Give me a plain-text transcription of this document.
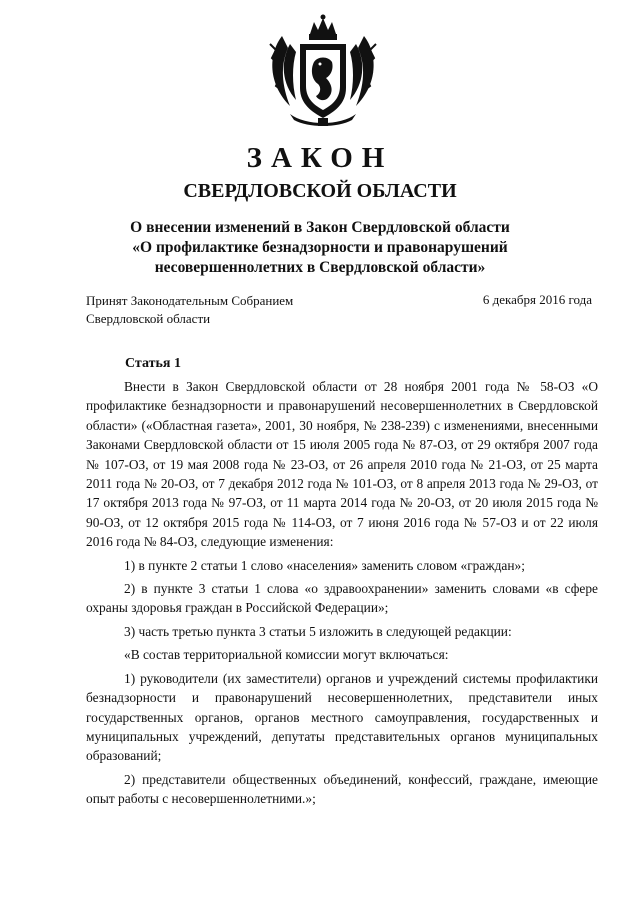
ЗАКОН
СВЕРДЛОВСКОЙ ОБЛАСТИ
О внесении изменений в Закон Свердловской области
«О профилактике безнадзорности и правонарушений
несовершеннолетних в Свердловской области»
Принят Законодательным Собранием
Свердловской области
6 декабря 2016 года
Статья 1

Внести в Закон Свердловской области от 28 ноября 2001 года № 58-ОЗ «О профилактике безнадзорности и правонарушений несовершеннолетних в Свердловской области» («Областная газета», 2001, 30 ноября, № 238-239) с изменениями, внесенными Законами Свердловской области от 15 июля 2005 года № 87-ОЗ, от 29 октября 2007 года № 107-ОЗ, от 19 мая 2008 года № 23-ОЗ, от 26 апреля 2010 года № 21-ОЗ, от 25 марта 2011 года № 20-ОЗ, от 7 декабря 2012 года № 101-ОЗ, от 8 апреля 2013 года № 29-ОЗ, от 17 октября 2013 года № 97-ОЗ, от 11 марта 2014 года № 20-ОЗ, от 20 июля 2015 года № 90-ОЗ, от 12 октября 2015 года № 114-ОЗ, от 7 июня 2016 года № 57-ОЗ и от 22 июля 2016 года № 84-ОЗ, следующие изменения:

1) в пункте 2 статьи 1 слово «населения» заменить словом «граждан»;

2) в пункте 3 статьи 1 слова «о здравоохранении» заменить словами «в сфере охраны здоровья граждан в Российской Федерации»;

3) часть третью пункта 3 статьи 5 изложить в следующей редакции:

«В состав территориальной комиссии могут включаться:

1) руководители (их заместители) органов и учреждений системы профилактики безнадзорности и правонарушений несовершеннолетних, представители иных государственных органов, органов местного самоуправления, государственных и муниципальных учреждений, депутаты представительных органов муниципальных образований;

2) представители общественных объединений, конфессий, граждане, имеющие опыт работы с несовершеннолетними.»;
